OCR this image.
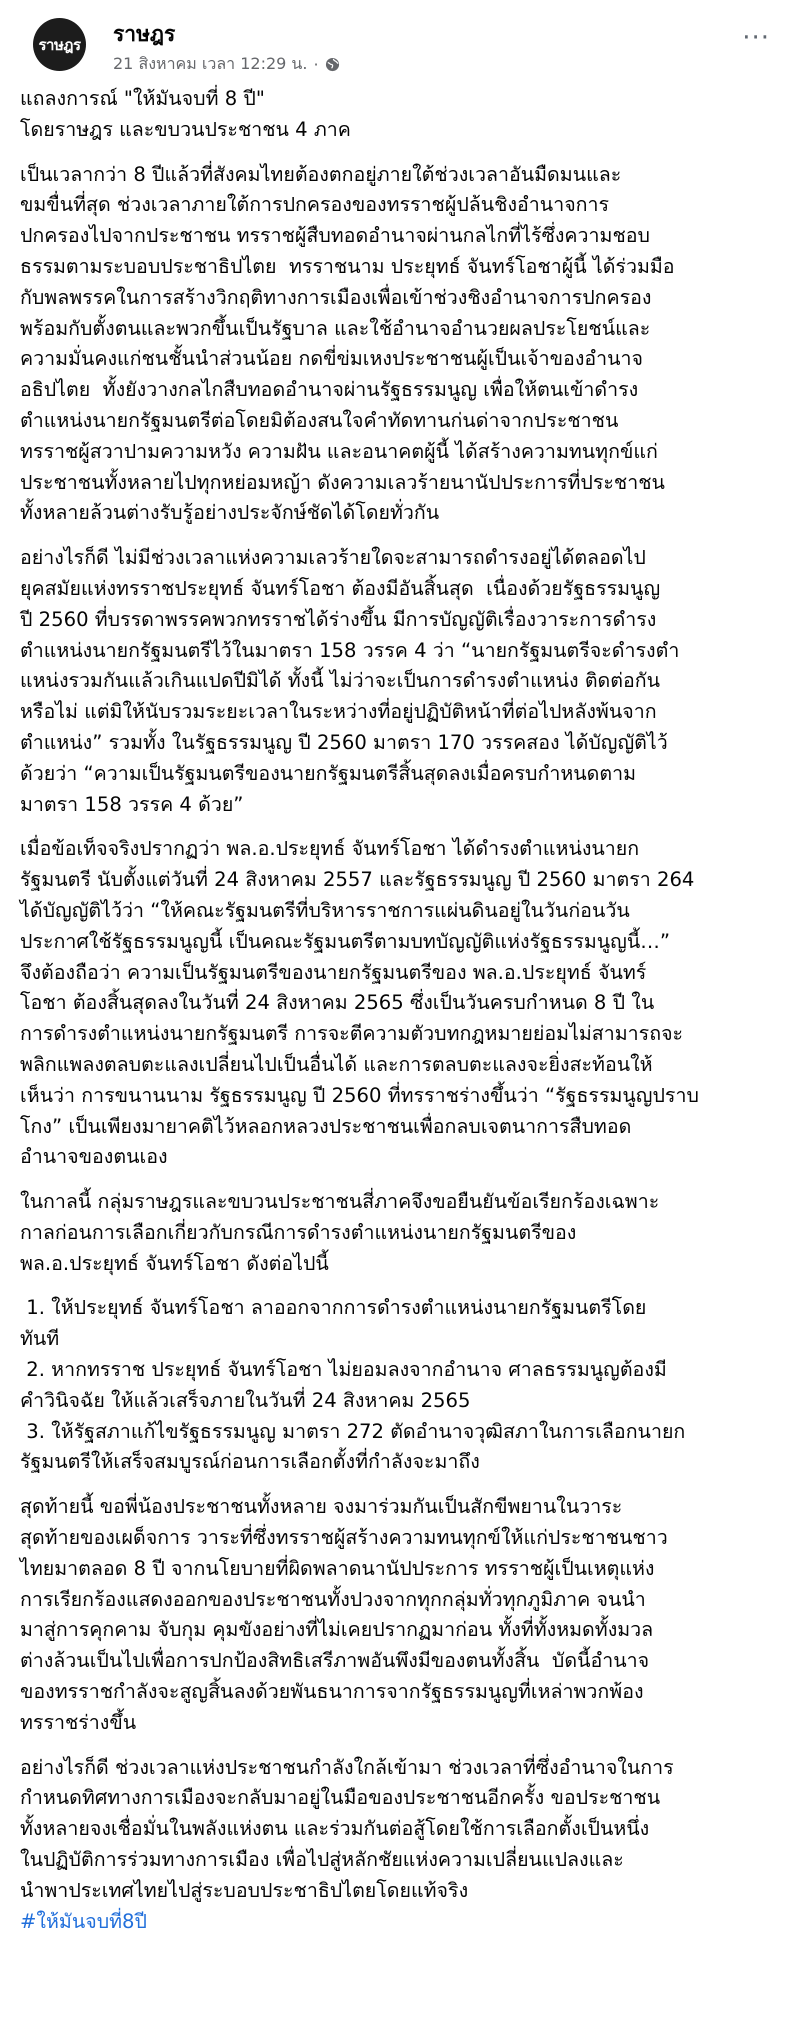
ราษฎร ราษฎร
21 สิงหาคม เวลา 12:29 น. ·
···

แถลงการณ์ "ให้มันจบที่ 8 ปี"

โดยราษฎร และขบวนประชาชน 4 ภาค

เป็นเวลากว่า 8 ปีแล้วที่สังคมไทยต้องตกอยู่ภายใต้ช่วงเวลาอันมืดมนและ
ขมขื่นที่สุด ช่วงเวลาภายใต้การปกครองของทรราชผู้ปล้นชิงอำนาจการ
ปกครองไปจากประชาชน ทรราชผู้สืบทอดอำนาจผ่านกลไกที่ไร้ซึ่งความชอบ
ธรรมตามระบอบประชาธิปไตย  ทรราชนาม ประยุทธ์ จันทร์โอชาผู้นี้ ได้ร่วมมือ
กับพลพรรคในการสร้างวิกฤติทางการเมืองเพื่อเข้าช่วงชิงอำนาจการปกครอง
พร้อมกับตั้งตนและพวกขึ้นเป็นรัฐบาล และใช้อำนาจอำนวยผลประโยชน์และ
ความมั่นคงแก่ชนชั้นนำส่วนน้อย กดขี่ข่มเหงประชาชนผู้เป็นเจ้าของอำนาจ
อธิปไตย  ทั้งยังวางกลไกสืบทอดอำนาจผ่านรัฐธรรมนูญ เพื่อให้ตนเข้าดำรง
ตำแหน่งนายกรัฐมนตรีต่อโดยมิต้องสนใจคำทัดทานก่นด่าจากประชาชน
ทรราชผู้สวาปามความหวัง ความฝัน และอนาคตผู้นี้ ได้สร้างความทนทุกข์แก่
ประชาชนทั้งหลายไปทุกหย่อมหญ้า ดังความเลวร้ายนานัปประการที่ประชาชน
ทั้งหลายล้วนต่างรับรู้อย่างประจักษ์ชัดได้โดยทั่วกัน

อย่างไรก็ดี ไม่มีช่วงเวลาแห่งความเลวร้ายใดจะสามารถดำรงอยู่ได้ตลอดไป
ยุคสมัยแห่งทรราชประยุทธ์ จันทร์โอชา ต้องมีอันสิ้นสุด  เนื่องด้วยรัฐธรรมนูญ
ปี 2560 ที่บรรดาพรรคพวกทรราชได้ร่างขึ้น มีการบัญญัติเรื่องวาระการดำรง
ตำแหน่งนายกรัฐมนตรีไว้ในมาตรา 158 วรรค 4 ว่า “นายกรัฐมนตรีจะดำรงตำ
แหน่งรวมกันแล้วเกินแปดปีมิได้ ทั้งนี้ ไม่ว่าจะเป็นการดำรงตำแหน่ง ติดต่อกัน
หรือไม่ แต่มิให้นับรวมระยะเวลาในระหว่างที่อยู่ปฏิบัติหน้าที่ต่อไปหลังพ้นจาก
ตำแหน่ง” รวมทั้ง ในรัฐธรรมนูญ ปี 2560 มาตรา 170 วรรคสอง ได้บัญญัติไว้
ด้วยว่า “ความเป็นรัฐมนตรีของนายกรัฐมนตรีสิ้นสุดลงเมื่อครบกำหนดตาม
มาตรา 158 วรรค 4 ด้วย”

เมื่อข้อเท็จจริงปรากฏว่า พล.อ.ประยุทธ์ จันทร์โอชา ได้ดำรงตำแหน่งนายก
รัฐมนตรี นับตั้งแต่วันที่ 24 สิงหาคม 2557 และรัฐธรรมนูญ ปี 2560 มาตรา 264
ได้บัญญัติไว้ว่า “ให้คณะรัฐมนตรีที่บริหารราชการแผ่นดินอยู่ในวันก่อนวัน
ประกาศใช้รัฐธรรมนูญนี้ เป็นคณะรัฐมนตรีตามบทบัญญัติแห่งรัฐธรรมนูญนี้…”
จึงต้องถือว่า ความเป็นรัฐมนตรีของนายกรัฐมนตรีของ พล.อ.ประยุทธ์ จันทร์
โอชา ต้องสิ้นสุดลงในวันที่ 24 สิงหาคม 2565 ซึ่งเป็นวันครบกำหนด 8 ปี ใน
การดำรงตำแหน่งนายกรัฐมนตรี การจะตีความตัวบทกฎหมายย่อมไม่สามารถจะ
พลิกแพลงตลบตะแลงเปลี่ยนไปเป็นอื่นได้ และการตลบตะแลงจะยิ่งสะท้อนให้
เห็นว่า การขนานนาม รัฐธรรมนูญ ปี 2560 ที่ทรราชร่างขึ้นว่า “รัฐธรรมนูญปราบ
โกง” เป็นเพียงมายาคติไว้หลอกหลวงประชาชนเพื่อกลบเจตนาการสืบทอด
อำนาจของตนเอง

ในกาลนี้ กลุ่มราษฎรและขบวนประชาชนสี่ภาคจึงขอยืนยันข้อเรียกร้องเฉพาะ
กาลก่อนการเลือกเกี่ยวกับกรณีการดำรงตำแหน่งนายกรัฐมนตรีของ
พล.อ.ประยุทธ์ จันทร์โอชา ดังต่อไปนี้

1. ให้ประยุทธ์ จันทร์โอชา ลาออกจากการดำรงตำแหน่งนายกรัฐมนตรีโดย
ทันที

2. หากทรราช ประยุทธ์ จันทร์โอชา ไม่ยอมลงจากอำนาจ ศาลธรรมนูญต้องมี
คำวินิจฉัย ให้แล้วเสร็จภายในวันที่ 24 สิงหาคม 2565

3. ให้รัฐสภาแก้ไขรัฐธรรมนูญ มาตรา 272 ตัดอำนาจวุฒิสภาในการเลือกนายก
รัฐมนตรีให้เสร็จสมบูรณ์ก่อนการเลือกตั้งที่กำลังจะมาถึง

สุดท้ายนี้ ขอพี่น้องประชาชนทั้งหลาย จงมาร่วมกันเป็นสักขีพยานในวาระ
สุดท้ายของเผด็จการ วาระที่ซึ่งทรราชผู้สร้างความทนทุกข์ให้แก่ประชาชนชาว
ไทยมาตลอด 8 ปี จากนโยบายที่ผิดพลาดนานัปประการ ทรราชผู้เป็นเหตุแห่ง
การเรียกร้องแสดงออกของประชาชนทั้งปวงจากทุกกลุ่มทั่วทุกภูมิภาค จนนำ
มาสู่การคุกคาม จับกุม คุมขังอย่างที่ไม่เคยปรากฏมาก่อน ทั้งที่ทั้งหมดทั้งมวล
ต่างล้วนเป็นไปเพื่อการปกป้องสิทธิเสรีภาพอันพึงมีของตนทั้งสิ้น  บัดนี้อำนาจ
ของทรราชกำลังจะสูญสิ้นลงด้วยพันธนาการจากรัฐธรรมนูญที่เหล่าพวกพ้อง
ทรราชร่างขึ้น

อย่างไรก็ดี ช่วงเวลาแห่งประชาชนกำลังใกล้เข้ามา ช่วงเวลาที่ซึ่งอำนาจในการ
กำหนดทิศทางการเมืองจะกลับมาอยู่ในมือของประชาชนอีกครั้ง ขอประชาชน
ทั้งหลายจงเชื่อมั่นในพลังแห่งตน และร่วมกันต่อสู้โดยใช้การเลือกตั้งเป็นหนึ่ง
ในปฏิบัติการร่วมทางการเมือง เพื่อไปสู่หลักชัยแห่งความเปลี่ยนแปลงและ
นำพาประเทศไทยไปสู่ระบอบประชาธิปไตยโดยแท้จริง

#ให้มันจบที่8ปี
